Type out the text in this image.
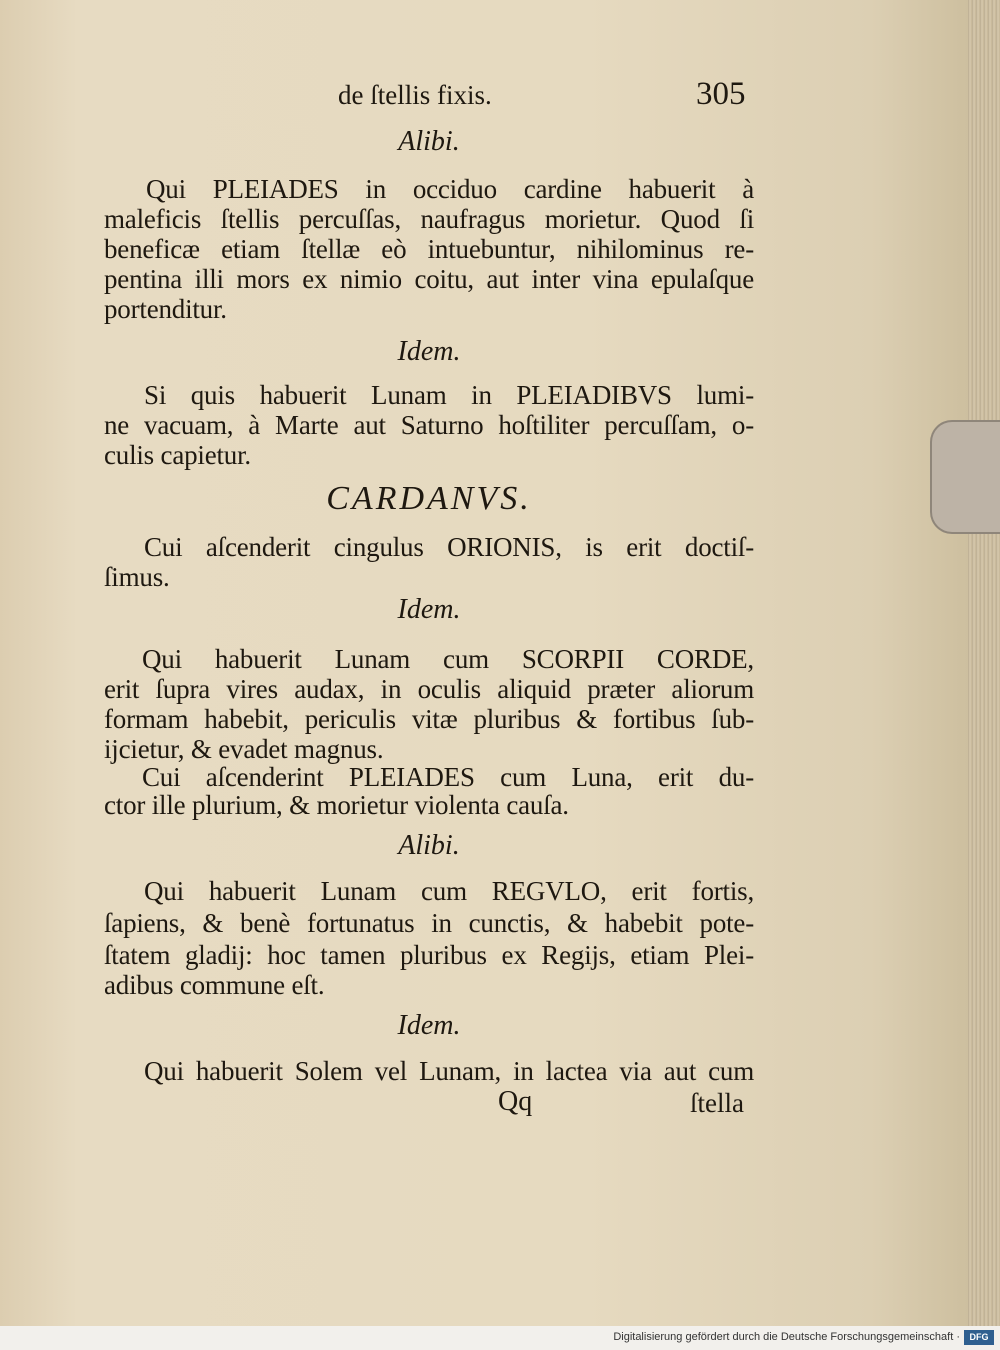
de ſtellis fixis.	305
Alibi.
Qui PLEIADES in occiduo cardine habuerit à
maleficis ſtellis percuſſas, naufragus morietur. Quod ſi
beneficæ etiam ſtellæ eò intuebuntur, nihilominus re-
pentina illi mors ex nimio coitu, aut inter vina epulaſque
portenditur.
Idem.
Si quis habuerit Lunam in PLEIADIBVS lumi-
ne vacuam, à Marte aut Saturno hoſtiliter percuſſam, o-
culis capietur.
CARDANVS.
Cui aſcenderit cingulus ORIONIS, is erit doctiſ-
ſimus.
Idem.
Qui habuerit Lunam cum SCORPII CORDE,
erit ſupra vires audax, in oculis aliquid præter aliorum
formam habebit, periculis vitæ pluribus & fortibus ſub-
ijcietur, & evadet magnus.
Cui aſcenderint PLEIADES cum Luna, erit du-
ctor ille plurium, & morietur violenta cauſa.
Alibi.
Qui habuerit Lunam cum REGVLO, erit fortis,
ſapiens, & benè fortunatus in cunctis, & habebit pote-
ſtatem gladij: hoc tamen pluribus ex Regijs, etiam Plei-
adibus commune eſt.
Idem.
Qui habuerit Solem vel Lunam, in lactea via aut cum
Qq	ſtella
Digitalisierung gefördert durch die Deutsche Forschungsgemeinschaft ·	DFG
